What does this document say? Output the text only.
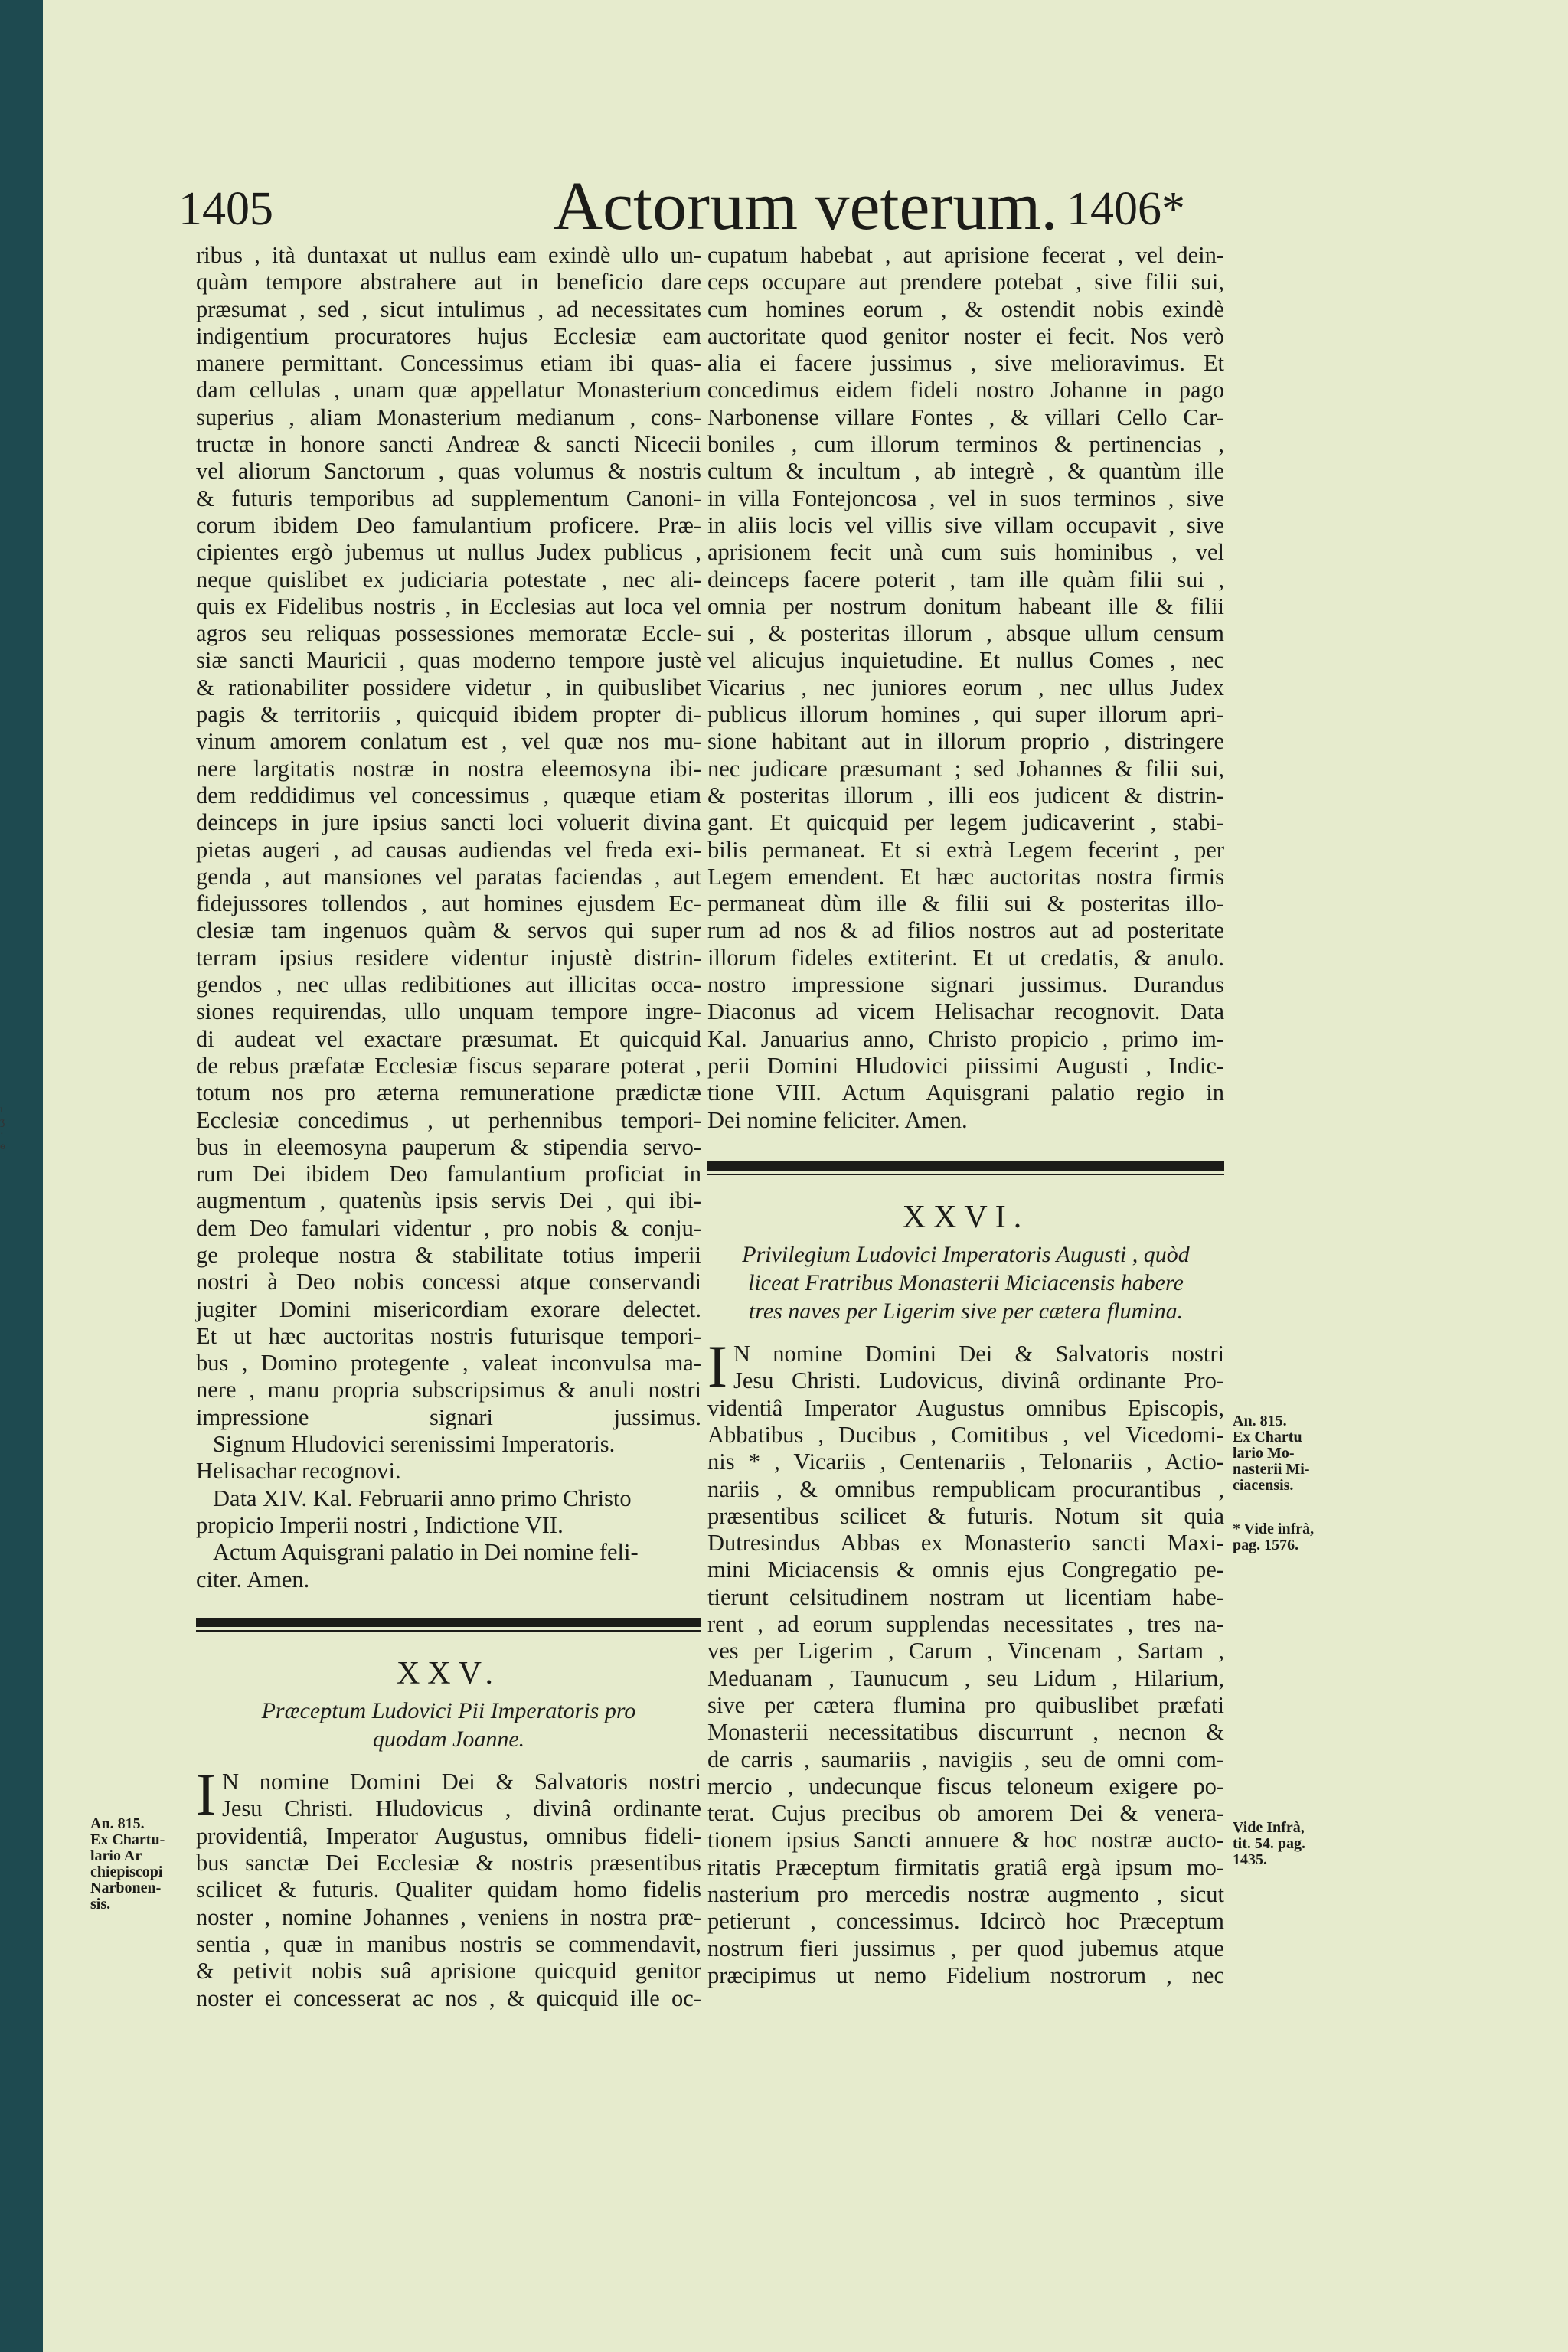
ı
ʒ
·
ɵ
Actorum veterum.
1405	1406*

ribus , ità duntaxat ut nullus eam exindè ullo un-

quàm tempore abstrahere aut in beneficio dare

præsumat , sed , sicut intulimus , ad necessitates

indigentium procuratores hujus Ecclesiæ eam

manere permittant. Concessimus etiam ibi quas-

dam cellulas , unam quæ appellatur Monasterium

superius , aliam Monasterium medianum , cons-

tructæ in honore sancti Andreæ & sancti Nicecii

vel aliorum Sanctorum , quas volumus & nostris

& futuris temporibus ad supplementum Canoni-

corum ibidem Deo famulantium proficere. Præ-

cipientes ergò jubemus ut nullus Judex publicus ,

neque quislibet ex judiciaria potestate , nec ali-

quis ex Fidelibus nostris , in Ecclesias aut loca vel

agros seu reliquas possessiones memoratæ Eccle-

siæ sancti Mauricii , quas moderno tempore justè

& rationabiliter possidere videtur , in quibuslibet

pagis & territoriis , quicquid ibidem propter di-

vinum amorem conlatum est , vel quæ nos mu-

nere largitatis nostræ in nostra eleemosyna ibi-

dem reddidimus vel concessimus , quæque etiam

deinceps in jure ipsius sancti loci voluerit divina

pietas augeri , ad causas audiendas vel freda exi-

genda , aut mansiones vel paratas faciendas , aut

fidejussores tollendos , aut homines ejusdem Ec-

clesiæ tam ingenuos quàm & servos qui super

terram ipsius residere videntur injustè distrin-

gendos , nec ullas redibitiones aut illicitas occa-

siones requirendas, ullo unquam tempore ingre-

di audeat vel exactare præsumat. Et quicquid

de rebus præfatæ Ecclesiæ fiscus separare poterat ,

totum nos pro æterna remuneratione prædictæ

Ecclesiæ concedimus , ut perhennibus tempori-

bus in eleemosyna pauperum & stipendia servo-

rum Dei ibidem Deo famulantium proficiat in

augmentum , quatenùs ipsis servis Dei , qui ibi-

dem Deo famulari videntur , pro nobis & conju-

ge proleque nostra & stabilitate totius imperii

nostri à Deo nobis concessi atque conservandi

jugiter Domini misericordiam exorare delectet.

Et ut hæc auctoritas nostris futurisque tempori-

bus , Domino protegente , valeat inconvulsa ma-

nere , manu propria subscripsimus & anuli nostri

impressione signari jussimus.

Signum Hludovici serenissimi Imperatoris.

Helisachar recognovi.

Data XIV. Kal. Februarii anno primo Christo

propicio Imperii nostri , Indictione VII.

Actum Aquisgrani palatio in Dei nomine feli-

citer. Amen.

XXV.
Præceptum Ludovici Pii Imperatoris pro
quodam Joanne.
I N nomine Domini Dei & Salvatoris nostri

Jesu Christi. Hludovicus , divinâ ordinante

providentiâ, Imperator Augustus, omnibus fideli-

bus sanctæ Dei Ecclesiæ & nostris præsentibus

scilicet & futuris. Qualiter quidam homo fidelis

noster , nomine Johannes , veniens in nostra præ-

sentia , quæ in manibus nostris se commendavit,

& petivit nobis suâ aprisione quicquid genitor

noster ei concesserat ac nos , & quicquid ille oc-

cupatum habebat , aut aprisione fecerat , vel dein-

ceps occupare aut prendere potebat , sive filii sui,

cum homines eorum , & ostendit nobis exindè

auctoritate quod genitor noster ei fecit. Nos verò

alia ei facere jussimus , sive melioravimus. Et

concedimus eidem fideli nostro Johanne in pago

Narbonense villare Fontes , & villari Cello Car-

boniles , cum illorum terminos & pertinencias ,

cultum & incultum , ab integrè , & quantùm ille

in villa Fontejoncosa , vel in suos terminos , sive

in aliis locis vel villis sive villam occupavit , sive

aprisionem fecit unà cum suis hominibus , vel

deinceps facere poterit , tam ille quàm filii sui ,

omnia per nostrum donitum habeant ille & filii

sui , & posteritas illorum , absque ullum censum

vel alicujus inquietudine. Et nullus Comes , nec

Vicarius , nec juniores eorum , nec ullus Judex

publicus illorum homines , qui super illorum apri-

sione habitant aut in illorum proprio , distringere

nec judicare præsumant ; sed Johannes & filii sui,

& posteritas illorum , illi eos judicent & distrin-

gant. Et quicquid per legem judicaverint , stabi-

bilis permaneat. Et si extrà Legem fecerint , per

Legem emendent. Et hæc auctoritas nostra firmis

permaneat dùm ille & filii sui & posteritas illo-

rum ad nos & ad filios nostros aut ad posteritate

illorum fideles extiterint. Et ut credatis, & anulo.

nostro impressione signari jussimus. Durandus

Diaconus ad vicem Helisachar recognovit. Data

Kal. Januarius anno, Christo propicio , primo im-

perii Domini Hludovici piissimi Augusti , Indic-

tione VIII. Actum Aquisgrani palatio regio in

Dei nomine feliciter. Amen.

XXVI.
Privilegium Ludovici Imperatoris Augusti , quòd
liceat Fratribus Monasterii Miciacensis habere
tres naves per Ligerim sive per cætera flumina.
I N nomine Domini Dei & Salvatoris nostri

Jesu Christi. Ludovicus, divinâ ordinante Pro-

videntiâ Imperator Augustus omnibus Episcopis,

Abbatibus , Ducibus , Comitibus , vel Vicedomi-

nis * , Vicariis , Centenariis , Telonariis , Actio-

nariis , & omnibus rempublicam procurantibus ,

præsentibus scilicet & futuris. Notum sit quia

Dutresindus Abbas ex Monasterio sancti Maxi-

mini Miciacensis & omnis ejus Congregatio pe-

tierunt celsitudinem nostram ut licentiam habe-

rent , ad eorum supplendas necessitates , tres na-

ves per Ligerim , Carum , Vincenam , Sartam ,

Meduanam , Taunucum , seu Lidum , Hilarium,

sive per cætera flumina pro quibuslibet præfati

Monasterii necessitatibus discurrunt , necnon &

de carris , saumariis , navigiis , seu de omni com-

mercio , undecunque fiscus teloneum exigere po-

terat. Cujus precibus ob amorem Dei & venera-

tionem ipsius Sancti annuere & hoc nostræ aucto-

ritatis Præceptum firmitatis gratiâ ergà ipsum mo-

nasterium pro mercedis nostræ augmento , sicut

petierunt , concessimus. Idcircò hoc Præceptum

nostrum fieri jussimus , per quod jubemus atque

præcipimus ut nemo Fidelium nostrorum , nec

An. 815.
Ex Chartu-
lario Ar
chiepiscopi
Narbonen-
sis.
An. 815.
Ex Chartu
lario Mo-
nasterii Mi-
ciacensis.
* Vide infrà,
pag. 1576.
Vide Infrà,
tit. 54. pag.
1435.
